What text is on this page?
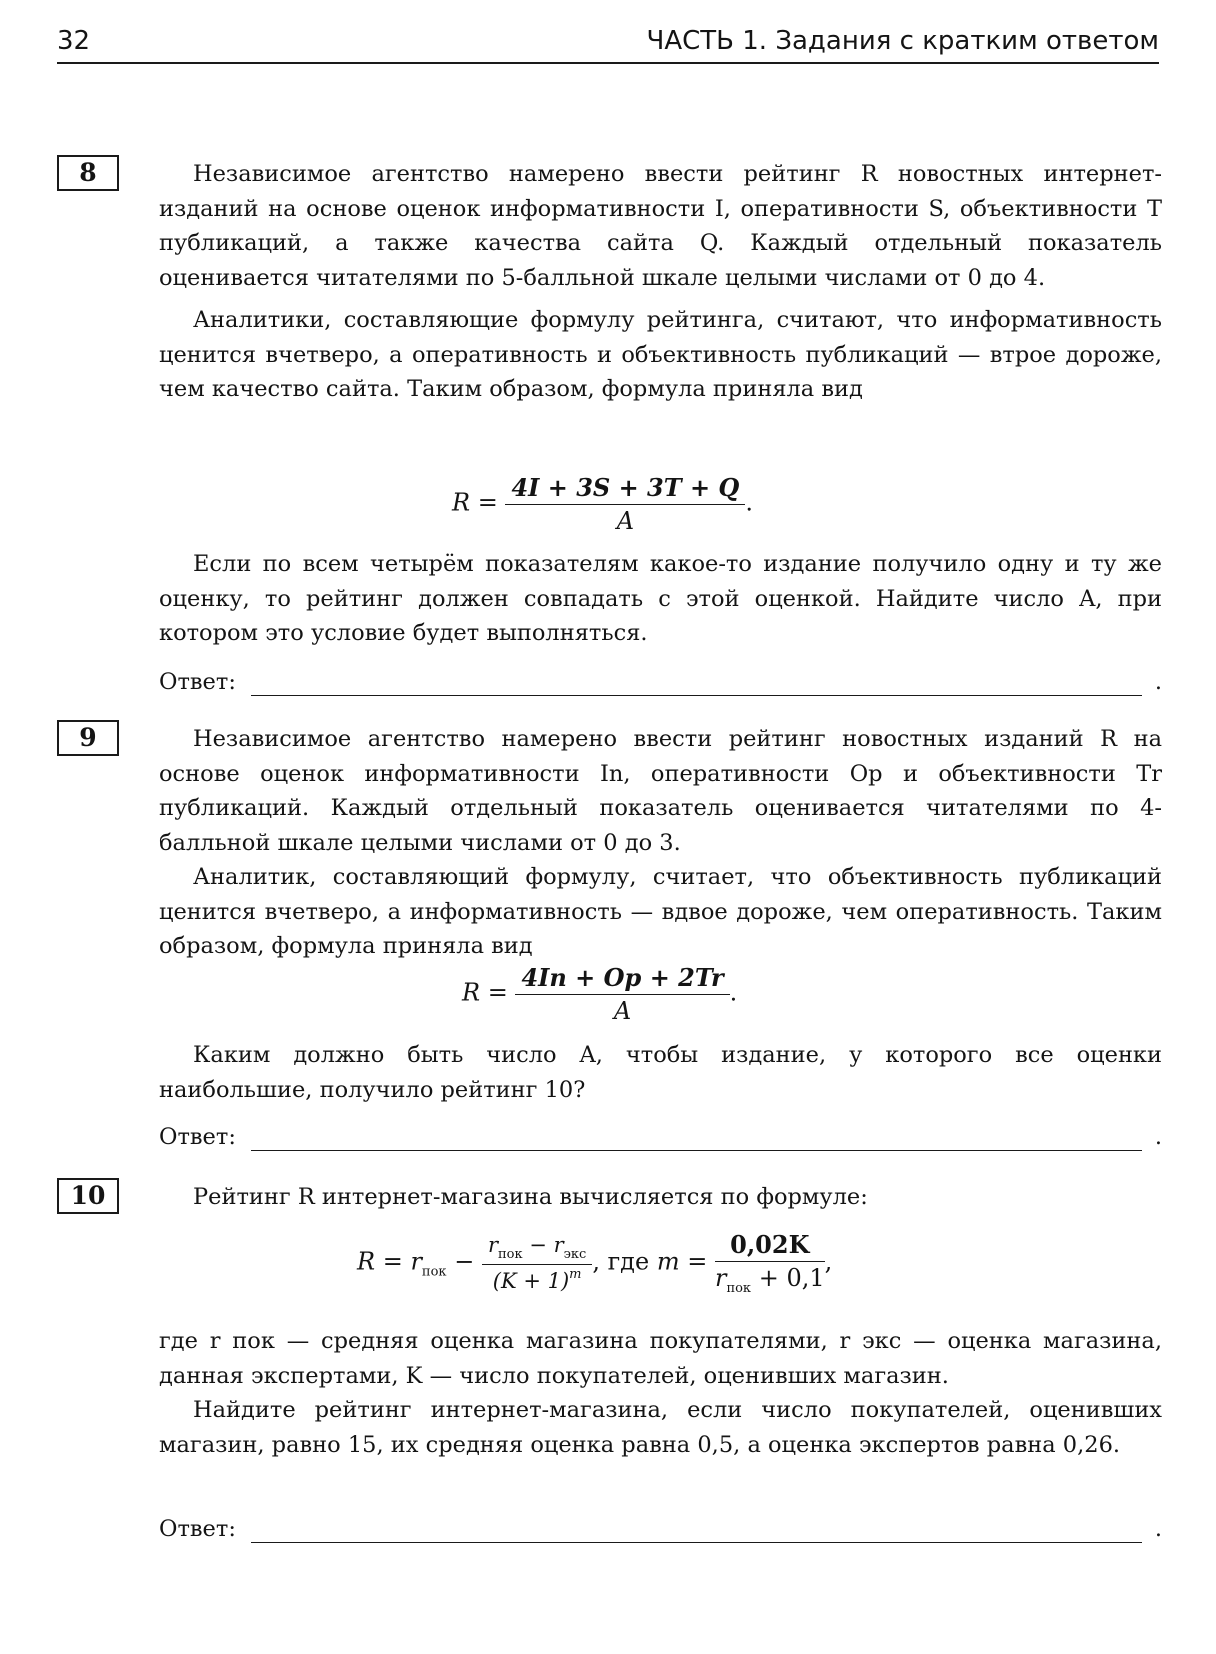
32	ЧАСТЬ 1. Задания с кратким ответом
8	Независимое агентство намерено ввести рейтинг R новостных интернет-изданий на основе оценок информативности I, оперативности S, объективности T публикаций, а также качества сайта Q. Каждый отдельный показатель оценивается читателями по 5-балльной шкале целыми числами от 0 до 4.

Аналитики, составляющие формулу рейтинга, считают, что информативность ценится вчетверо, а оперативность и объективность публикаций — втрое дороже, чем качество сайта. Таким образом, формула приняла вид

$R = \frac{4I + 3S + 3T + Q}{A}$ .

Если по всем четырём показателям какое-то издание получило одну и ту же оценку, то рейтинг должен совпадать с этой оценкой. Найдите число A, при котором это условие будет выполняться.

Ответ:	.
9	Независимое агентство намерено ввести рейтинг новостных изданий R на основе оценок информативности In, оперативности Op и объективности Tr публикаций. Каждый отдельный показатель оценивается читателями по 4-балльной шкале целыми числами от 0 до 3.

Аналитик, составляющий формулу, считает, что объективность публикаций ценится вчетверо, а информативность — вдвое дороже, чем оперативность. Таким образом, формула приняла вид

$R = \frac{4In + Op + 2Tr}{A}$ .

Каким должно быть число A, чтобы издание, у которого все оценки наибольшие, получило рейтинг 10?

Ответ:	.
10	Рейтинг R интернет-магазина вычисляется по формуле:

$R = r_{пок} - \frac{r_{пок} - r_{экс}}{(K + 1)^m}$ , где $m = \frac{0,02K}{r_{пок} + 0,1}$ ,

где r пок — средняя оценка магазина покупателями, r экс — оценка магазина, данная экспертами, K — число покупателей, оценивших магазин.

Найдите рейтинг интернет-магазина, если число покупателей, оценивших магазин, равно 15, их средняя оценка равна 0,5, а оценка экспертов равна 0,26.

Ответ:	.
